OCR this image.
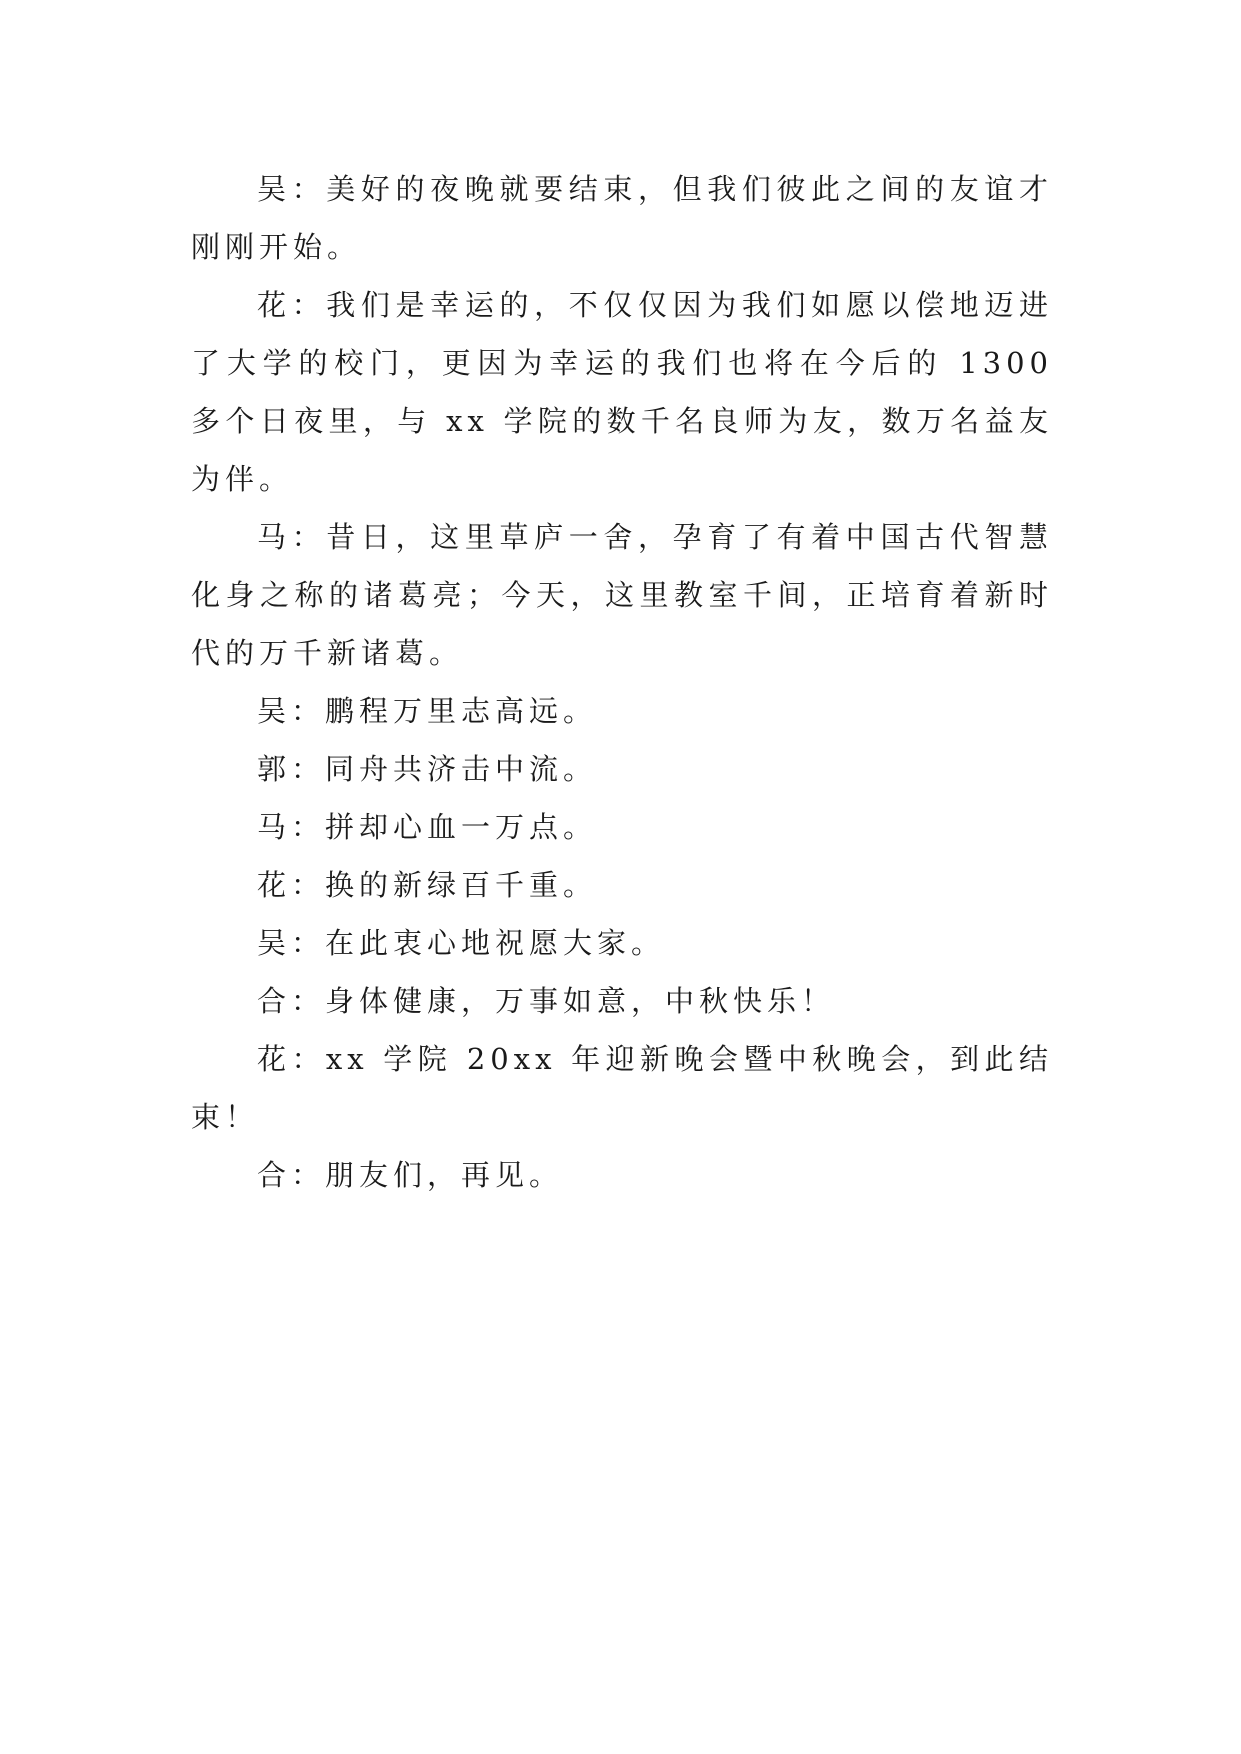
吴：美好的夜晚就要结束，但我们彼此之间的友谊才刚刚开始。

花：我们是幸运的，不仅仅因为我们如愿以偿地迈进了大学的校门，更因为幸运的我们也将在今后的 1300 多个日夜里，与 xx 学院的数千名良师为友，数万名益友为伴。

马：昔日，这里草庐一舍，孕育了有着中国古代智慧化身之称的诸葛亮；今天，这里教室千间，正培育着新时代的万千新诸葛。

吴：鹏程万里志高远。

郭：同舟共济击中流。

马：拼却心血一万点。

花：换的新绿百千重。

吴：在此衷心地祝愿大家。

合：身体健康，万事如意，中秋快乐！

花：xx 学院 20xx 年迎新晚会暨中秋晚会，到此结束！

合：朋友们，再见。
